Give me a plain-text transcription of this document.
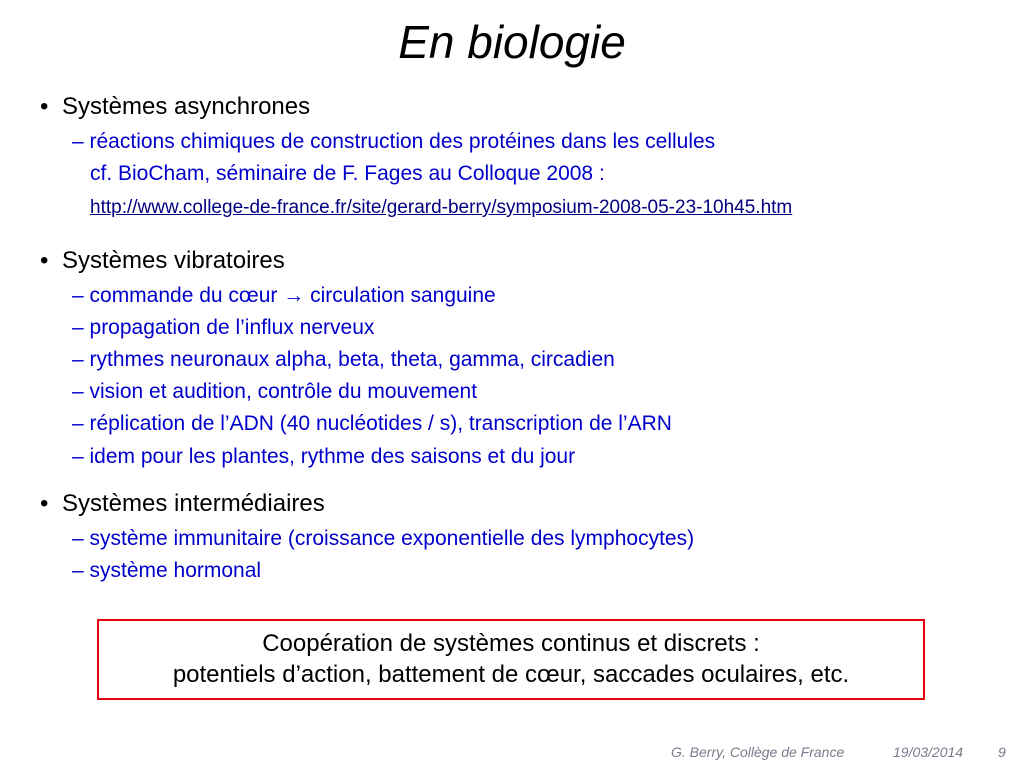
En biologie
• Systèmes asynchrones
– réactions chimiques de construction des protéines dans les cellules
cf. BioCham, séminaire de F. Fages au Colloque 2008 :
http://www.college-de-france.fr/site/gerard-berry/symposium-2008-05-23-10h45.htm
• Systèmes vibratoires
– commande du cœur → circulation sanguine
– propagation de l’influx nerveux
– rythmes neuronaux alpha, beta, theta, gamma, circadien
– vision et audition, contrôle du mouvement
– réplication de l’ADN (40 nucléotides / s), transcription de l’ARN
– idem pour les plantes, rythme des saisons et du jour
• Systèmes intermédiaires
– système immunitaire (croissance exponentielle des lymphocytes)
– système hormonal
Coopération de systèmes continus et discrets :
potentiels d’action, battement de cœur, saccades oculaires, etc.
G. Berry, Collège de France	19/03/2014 9
